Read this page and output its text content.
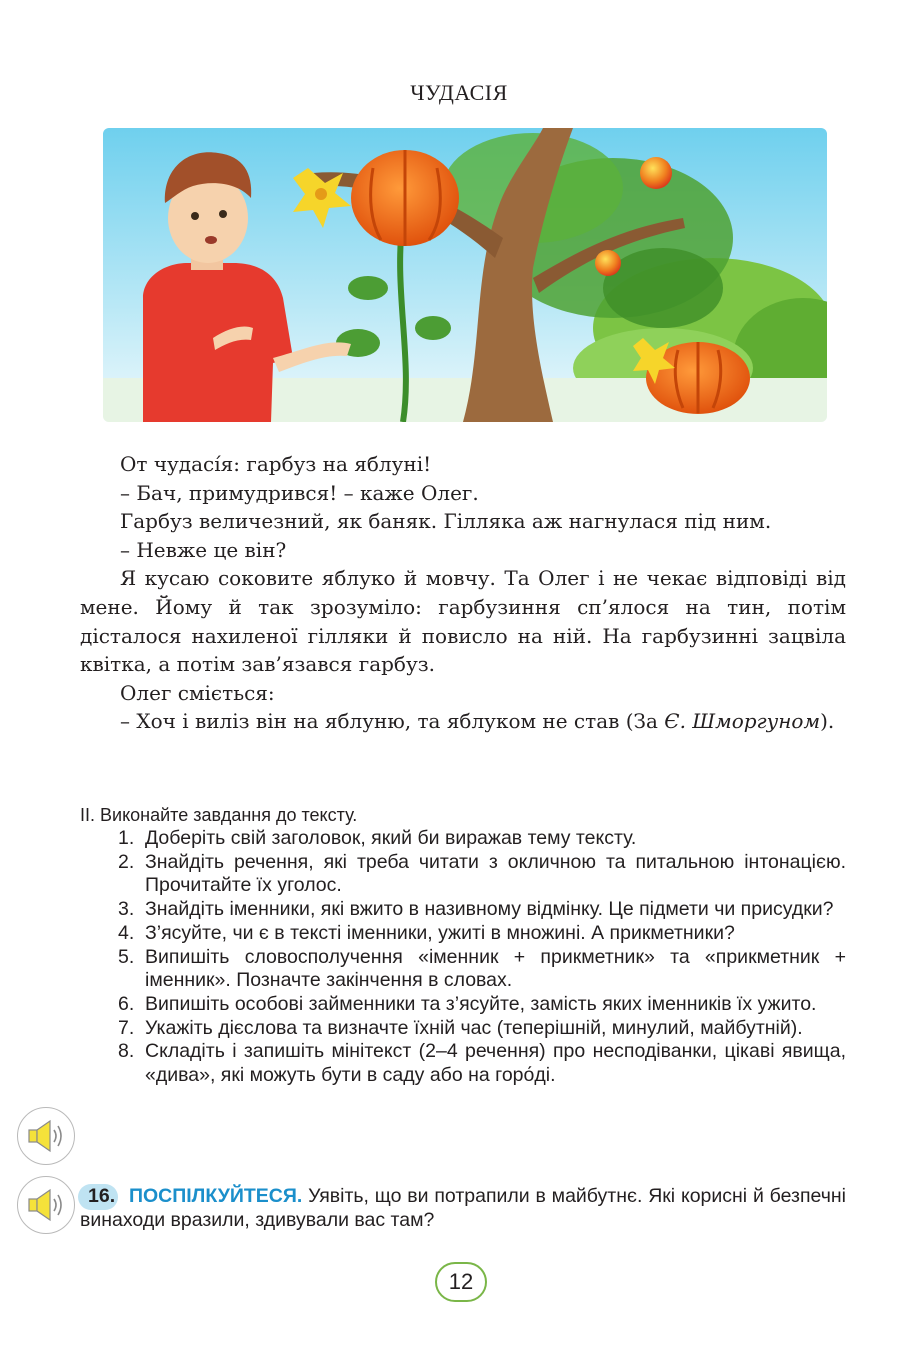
ЧУДАСІЯ

От чудасі́я: гарбуз на яблуні!

– Бач, примудрився! – каже Олег.

Гарбуз величезний, як баняк. Гілляка аж нагнулася під ним.

– Невже це він?

Я кусаю соковите яблуко й мовчу. Та Олег і не чекає відповіді від мене. Йому й так зрозуміло: гарбузиння сп’ялося на тин, потім дісталося нахиленої гілляки й повисло на ній. На гарбузинні зацвіла квітка, а потім зав’язався гарбуз.

Олег сміється:

– Хоч і виліз він на яблуню, та яблуком не став (За Є. Шморгуном).

II. Виконайте завдання до тексту.
1. Доберіть свій заголовок, який би виражав тему тексту.
2. Знайдіть речення, які треба читати з окличною та питальною інтонацією. Прочитайте їх уголос.
3. Знайдіть іменники, які вжито в називному відмінку. Це підмети чи присудки?
4. З’ясуйте, чи є в тексті іменники, ужиті в множині. А прикметники?
5. Випишіть словосполучення «іменник + прикметник» та «прикметник + іменник». Позначте закінчення в словах.
6. Випишіть особові займенники та з’ясуйте, замість яких іменників їх ужито.
7. Укажіть дієслова та визначте їхній час (теперішній, минулий, майбутній).
8. Складіть і запишіть мінітекст (2–4 речення) про несподіванки, цікаві явища, «дива», які можуть бути в саду або на горо́ді.
16. ПОСПІЛКУЙТЕСЯ. Уявіть, що ви потрапили в майбутнє. Які корисні й безпечні винаходи вразили, здивували вас там?
12
